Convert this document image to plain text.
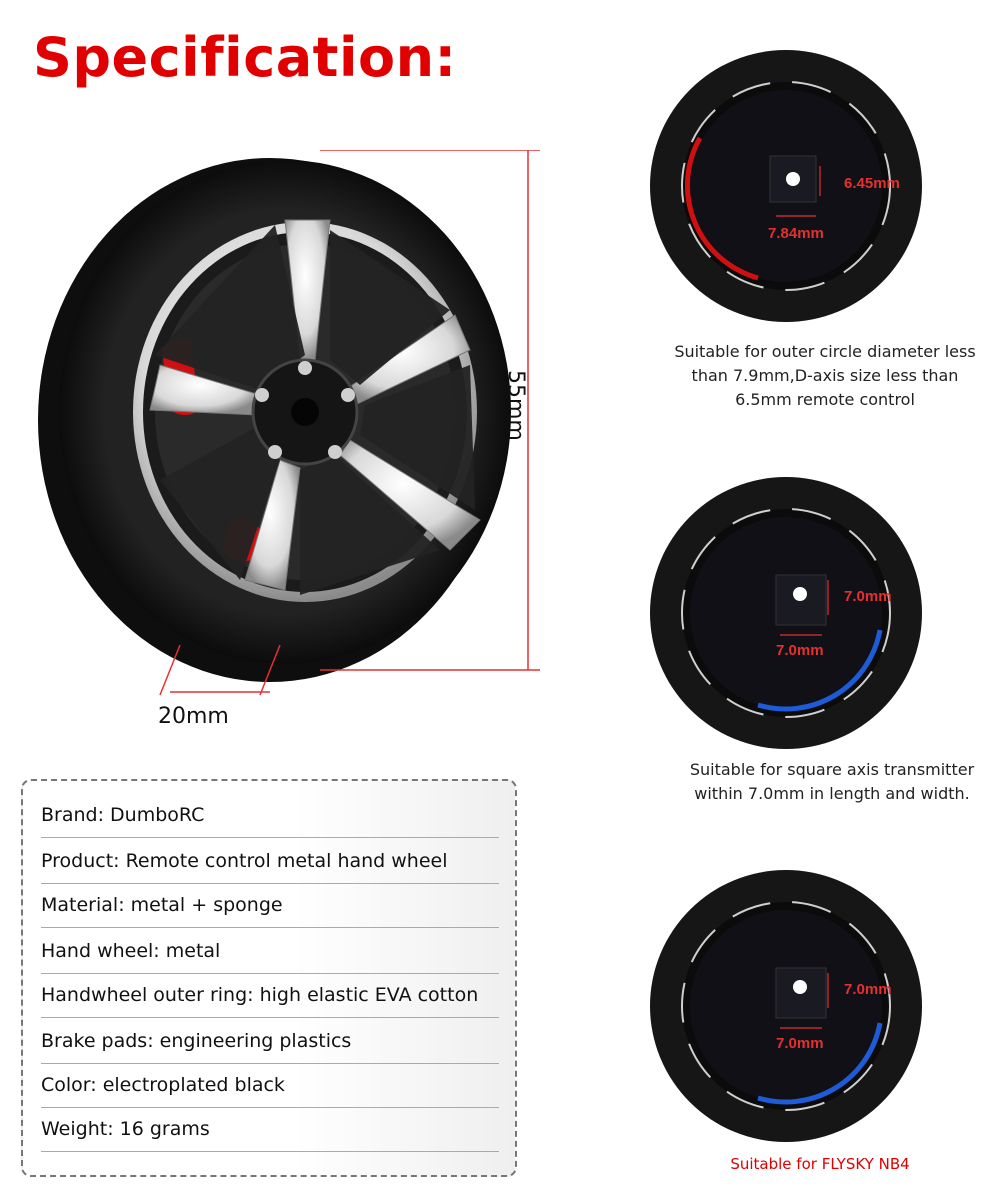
Specification:
55mm
20mm
Brand: DumboRC
Product: Remote control metal hand wheel
Material: metal + sponge
Hand wheel: metal
Handwheel outer ring: high elastic EVA cotton
Brake pads: engineering plastics
Color: electroplated black
Weight: 16 grams
6.45mm
7.84mm
Suitable for outer circle diameter less
than 7.9mm,D-axis size less than
6.5mm remote control
7.0mm
7.0mm
Suitable for square axis transmitter
within 7.0mm in length and width.
7.0mm
7.0mm
Suitable for FLYSKY NB4
